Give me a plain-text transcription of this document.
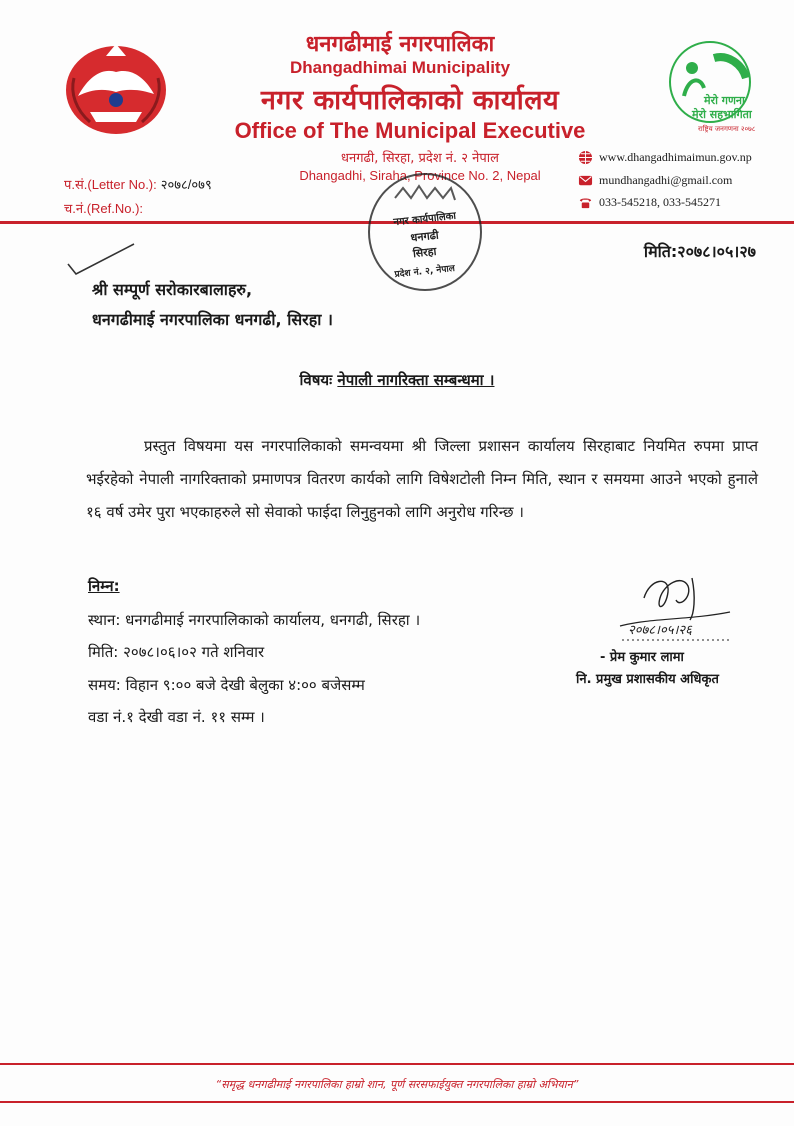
मेरो गणना
मेरो सहभागिता
राष्ट्रिय जनगणना २०७८
धनगढीमाई नगरपालिका
Dhangadhimai Municipality
नगर कार्यपालिकाको कार्यालय
Office of The Municipal Executive
धनगढी, सिरहा, प्रदेश नं. २ नेपाल
Dhangadhi, Siraha, Province No. 2, Nepal
प.सं.(Letter No.): २०७८/०७९
च.नं.(Ref.No.):
www.dhangadhimaimun.gov.np
mundhangadhi@gmail.com
033-545218, 033-545271
नगर कार्यपालिका
धनगढी
सिरहा
प्रदेश नं. २, नेपाल
मिति:२०७८।०५।२७
श्री सम्पूर्ण सरोकारबालाहरु,
धनगढीमाई नगरपालिका धनगढी, सिरहा ।
विषयः नेपाली नागरिक्ता सम्बन्धमा ।
प्रस्तुत विषयमा यस नगरपालिकाको समन्वयमा श्री जिल्ला प्रशासन कार्यालय सिरहाबाट नियमित रुपमा प्राप्त भईरहेको नेपाली नागरिक्ताको प्रमाणपत्र वितरण कार्यको लागि विषेशटोली निम्न मिति, स्थान र समयमा आउने भएको हुनाले १६ वर्ष उमेर पुरा भएकाहरुले सो सेवाको फाईदा लिनुहुनको लागि अनुरोध गरिन्छ ।
निम्न:
स्थान: धनगढीमाई नगरपालिकाको कार्यालय, धनगढी, सिरहा ।
मिति: २०७८।०६।०२ गते शनिवार
समय: विहान ९:०० बजे देखी बेलुका ४:०० बजेसम्म
वडा नं.१ देखी वडा नं. ११ सम्म ।
२०७८।०५।२६
- प्रेम कुमार लामा
नि. प्रमुख प्रशासकीय अधिकृत
“समृद्ध धनगढीमाई नगरपालिका हाम्रो शान, पूर्ण सरसफाईयुक्त नगरपालिका हाम्रो अभियान”
